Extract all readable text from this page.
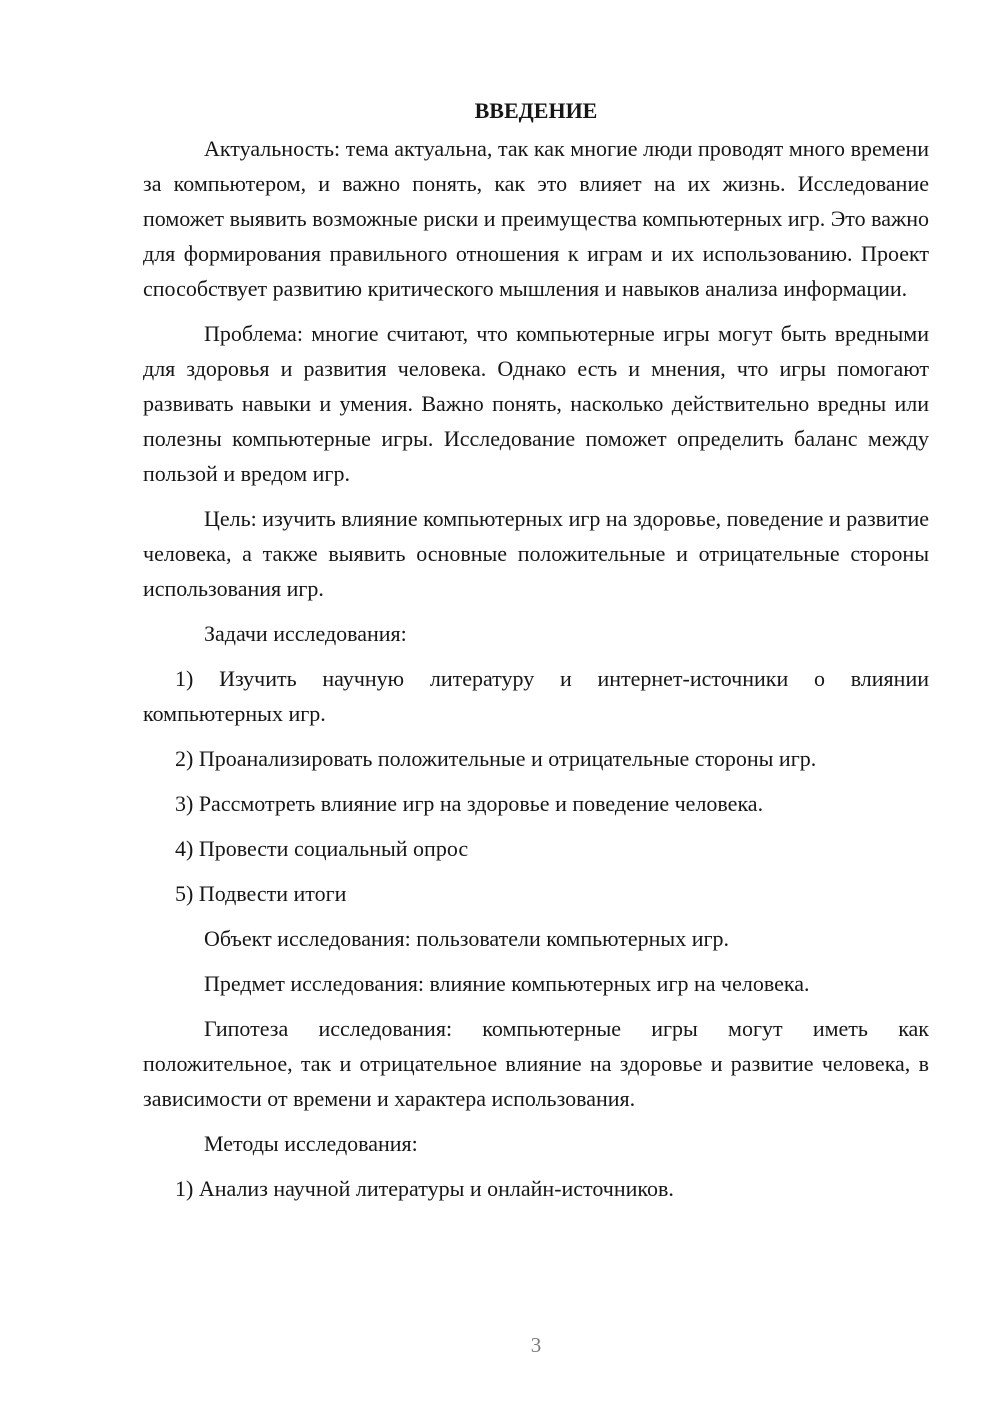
ВВЕДЕНИЕ

Актуальность: тема актуальна, так как многие люди проводят много времени за компьютером, и важно понять, как это влияет на их жизнь. Исследование поможет выявить возможные риски и преимущества компьютерных игр. Это важно для формирования правильного отношения к играм и их использованию. Проект способствует развитию критического мышления и навыков анализа информации.

Проблема: многие считают, что компьютерные игры могут быть вредными для здоровья и развития человека. Однако есть и мнения, что игры помогают развивать навыки и умения. Важно понять, насколько действительно вредны или полезны компьютерные игры. Исследование поможет определить баланс между пользой и вредом игр.

Цель: изучить влияние компьютерных игр на здоровье, поведение и развитие человека, а также выявить основные положительные и отрицательные стороны использования игр.

Задачи исследования:

1) Изучить научную литературу и интернет-источники о влиянии компьютерных игр.

2) Проанализировать положительные и отрицательные стороны игр.

3) Рассмотреть влияние игр на здоровье и поведение человека.

4) Провести социальный опрос

5) Подвести итоги

Объект исследования: пользователи компьютерных игр.

Предмет исследования: влияние компьютерных игр на человека.

Гипотеза исследования: компьютерные игры могут иметь как положительное, так и отрицательное влияние на здоровье и развитие человека, в зависимости от времени и характера использования.

Методы исследования:

1) Анализ научной литературы и онлайн-источников.

3
